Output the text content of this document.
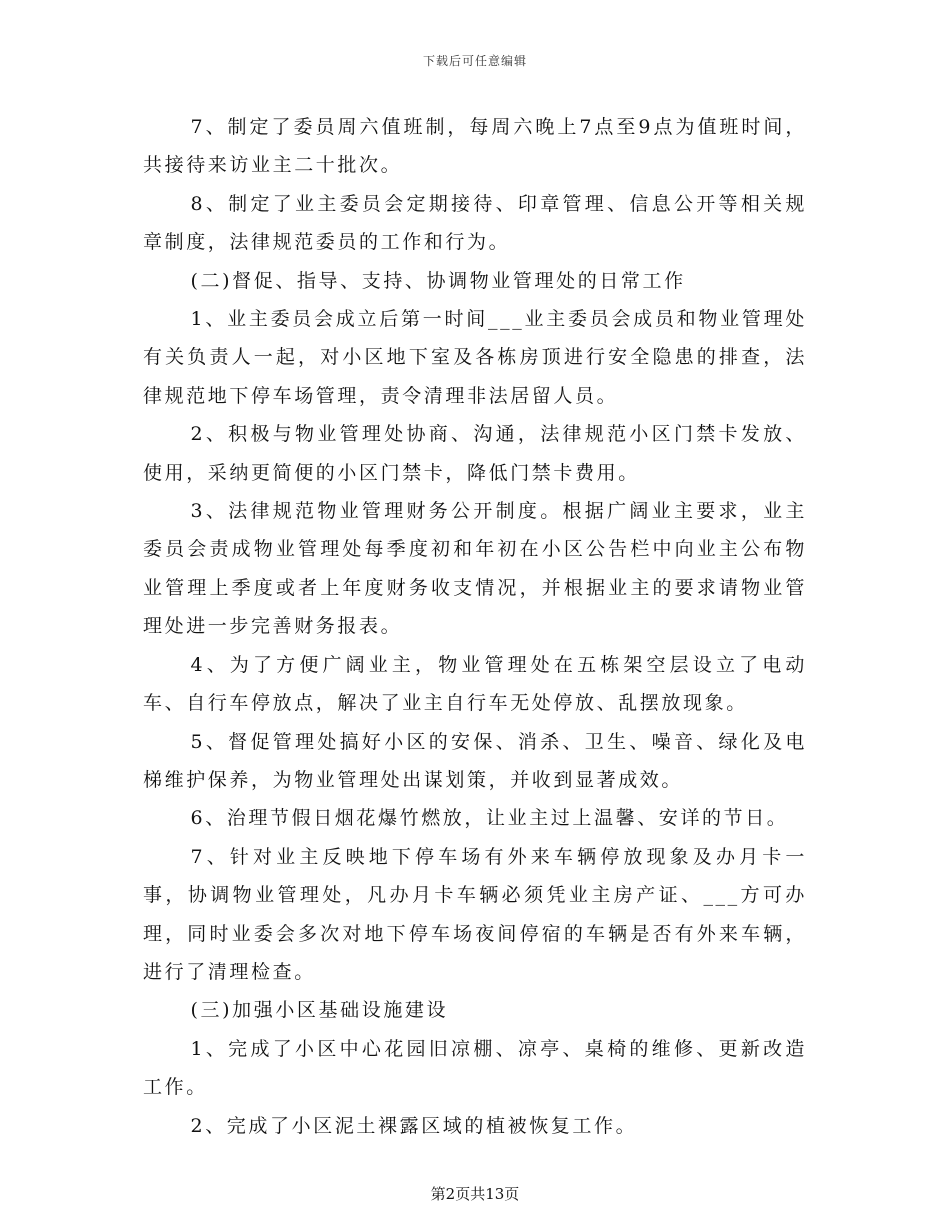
下载后可任意编辑

7、制定了委员周六值班制，每周六晚上7点至9点为值班时间，共接待来访业主二十批次。

8、制定了业主委员会定期接待、印章管理、信息公开等相关规章制度，法律规范委员的工作和行为。

(二)督促、指导、支持、协调物业管理处的日常工作

1、业主委员会成立后第一时间___业主委员会成员和物业管理处有关负责人一起，对小区地下室及各栋房顶进行安全隐患的排查，法律规范地下停车场管理，责令清理非法居留人员。

2、积极与物业管理处协商、沟通，法律规范小区门禁卡发放、使用，采纳更简便的小区门禁卡，降低门禁卡费用。

3、法律规范物业管理财务公开制度。根据广阔业主要求，业主委员会责成物业管理处每季度初和年初在小区公告栏中向业主公布物业管理上季度或者上年度财务收支情况，并根据业主的要求请物业管理处进一步完善财务报表。

4、为了方便广阔业主，物业管理处在五栋架空层设立了电动车、自行车停放点，解决了业主自行车无处停放、乱摆放现象。

5、督促管理处搞好小区的安保、消杀、卫生、噪音、绿化及电梯维护保养，为物业管理处出谋划策，并收到显著成效。

6、治理节假日烟花爆竹燃放，让业主过上温馨、安详的节日。

7、针对业主反映地下停车场有外来车辆停放现象及办月卡一事，协调物业管理处，凡办月卡车辆必须凭业主房产证、___方可办理，同时业委会多次对地下停车场夜间停宿的车辆是否有外来车辆，进行了清理检查。

(三)加强小区基础设施建设

1、完成了小区中心花园旧凉棚、凉亭、桌椅的维修、更新改造工作。

2、完成了小区泥土裸露区域的植被恢复工作。

第2页共13页
